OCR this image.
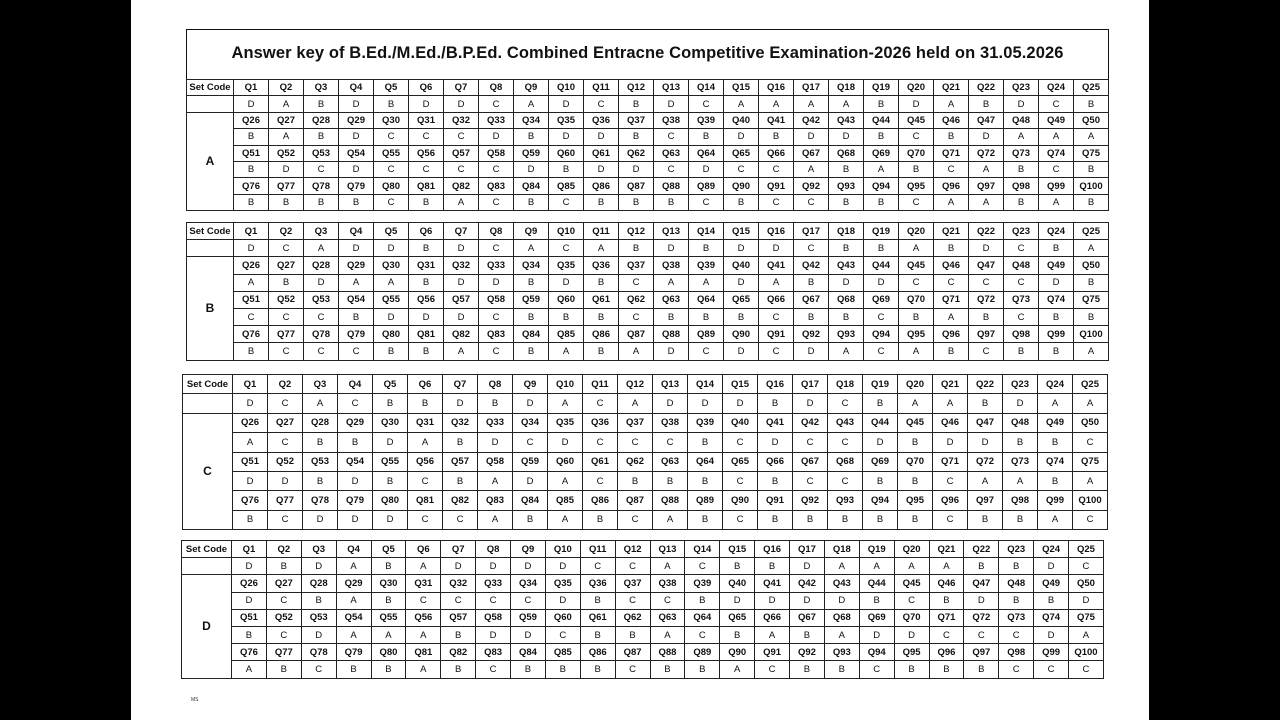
Answer key of B.Ed./M.Ed./B.P.Ed. Combined Entracne Competitive Examination-2026 held on 31.05.2026
Set Code	Q1	Q2	Q3	Q4	Q5	Q6	Q7	Q8	Q9	Q10	Q11	Q12	Q13	Q14	Q15	Q16	Q17	Q18	Q19	Q20	Q21	Q22	Q23	Q24	Q25
	D	A	B	D	B	D	D	C	A	D	C	B	D	C	A	A	A	A	B	D	A	B	D	C	B
A	Q26	Q27	Q28	Q29	Q30	Q31	Q32	Q33	Q34	Q35	Q36	Q37	Q38	Q39	Q40	Q41	Q42	Q43	Q44	Q45	Q46	Q47	Q48	Q49	Q50
	B	A	B	D	C	C	C	D	B	D	D	B	C	B	D	B	D	D	B	C	B	D	A	A	A
	Q51	Q52	Q53	Q54	Q55	Q56	Q57	Q58	Q59	Q60	Q61	Q62	Q63	Q64	Q65	Q66	Q67	Q68	Q69	Q70	Q71	Q72	Q73	Q74	Q75
	B	D	C	D	C	C	C	C	D	B	D	D	C	D	C	C	A	B	A	B	C	A	B	C	B
	Q76	Q77	Q78	Q79	Q80	Q81	Q82	Q83	Q84	Q85	Q86	Q87	Q88	Q89	Q90	Q91	Q92	Q93	Q94	Q95	Q96	Q97	Q98	Q99	Q100
	B	B	B	B	C	B	A	C	B	C	B	B	B	C	B	C	C	B	B	C	A	A	B	A	B
Set Code	Q1	Q2	Q3	Q4	Q5	Q6	Q7	Q8	Q9	Q10	Q11	Q12	Q13	Q14	Q15	Q16	Q17	Q18	Q19	Q20	Q21	Q22	Q23	Q24	Q25
	D	C	A	D	D	B	D	C	A	C	A	B	D	B	D	D	C	B	B	A	B	D	C	B	A
B	Q26	Q27	Q28	Q29	Q30	Q31	Q32	Q33	Q34	Q35	Q36	Q37	Q38	Q39	Q40	Q41	Q42	Q43	Q44	Q45	Q46	Q47	Q48	Q49	Q50
	A	B	D	A	A	B	D	D	B	D	B	C	A	A	D	A	B	D	D	C	C	C	C	D	B
	Q51	Q52	Q53	Q54	Q55	Q56	Q57	Q58	Q59	Q60	Q61	Q62	Q63	Q64	Q65	Q66	Q67	Q68	Q69	Q70	Q71	Q72	Q73	Q74	Q75
	C	C	C	B	D	D	D	C	B	B	B	C	B	B	B	C	B	B	C	B	A	B	C	B	B
	Q76	Q77	Q78	Q79	Q80	Q81	Q82	Q83	Q84	Q85	Q86	Q87	Q88	Q89	Q90	Q91	Q92	Q93	Q94	Q95	Q96	Q97	Q98	Q99	Q100
	B	C	C	C	B	B	A	C	B	A	B	A	D	C	D	C	D	A	C	A	B	C	B	B	A
Set Code	Q1	Q2	Q3	Q4	Q5	Q6	Q7	Q8	Q9	Q10	Q11	Q12	Q13	Q14	Q15	Q16	Q17	Q18	Q19	Q20	Q21	Q22	Q23	Q24	Q25
	D	C	A	C	B	B	D	B	D	A	C	A	D	D	D	B	D	C	B	A	A	B	D	A	A
C	Q26	Q27	Q28	Q29	Q30	Q31	Q32	Q33	Q34	Q35	Q36	Q37	Q38	Q39	Q40	Q41	Q42	Q43	Q44	Q45	Q46	Q47	Q48	Q49	Q50
	A	C	B	B	D	A	B	D	C	D	C	C	C	B	C	D	C	C	D	B	D	D	B	B	C
	Q51	Q52	Q53	Q54	Q55	Q56	Q57	Q58	Q59	Q60	Q61	Q62	Q63	Q64	Q65	Q66	Q67	Q68	Q69	Q70	Q71	Q72	Q73	Q74	Q75
	D	D	B	D	B	C	B	A	D	A	C	B	B	B	C	B	C	C	B	B	C	A	A	B	A
	Q76	Q77	Q78	Q79	Q80	Q81	Q82	Q83	Q84	Q85	Q86	Q87	Q88	Q89	Q90	Q91	Q92	Q93	Q94	Q95	Q96	Q97	Q98	Q99	Q100
	B	C	D	D	D	C	C	A	B	A	B	C	A	B	C	B	B	B	B	B	C	B	B	A	C
Set Code	Q1	Q2	Q3	Q4	Q5	Q6	Q7	Q8	Q9	Q10	Q11	Q12	Q13	Q14	Q15	Q16	Q17	Q18	Q19	Q20	Q21	Q22	Q23	Q24	Q25
	D	B	D	A	B	A	D	D	D	D	C	C	A	C	B	B	D	A	A	A	A	B	B	D	C
D	Q26	Q27	Q28	Q29	Q30	Q31	Q32	Q33	Q34	Q35	Q36	Q37	Q38	Q39	Q40	Q41	Q42	Q43	Q44	Q45	Q46	Q47	Q48	Q49	Q50
	D	C	B	A	B	C	C	C	C	D	B	C	C	B	D	D	D	D	B	C	B	D	B	B	D
	Q51	Q52	Q53	Q54	Q55	Q56	Q57	Q58	Q59	Q60	Q61	Q62	Q63	Q64	Q65	Q66	Q67	Q68	Q69	Q70	Q71	Q72	Q73	Q74	Q75
	B	C	D	A	A	A	B	D	D	C	B	B	A	C	B	A	B	A	D	D	C	C	C	D	A
	Q76	Q77	Q78	Q79	Q80	Q81	Q82	Q83	Q84	Q85	Q86	Q87	Q88	Q89	Q90	Q91	Q92	Q93	Q94	Q95	Q96	Q97	Q98	Q99	Q100
	A	B	C	B	B	A	B	C	B	B	B	C	B	B	A	C	B	B	C	B	B	B	C	C	C
MS
